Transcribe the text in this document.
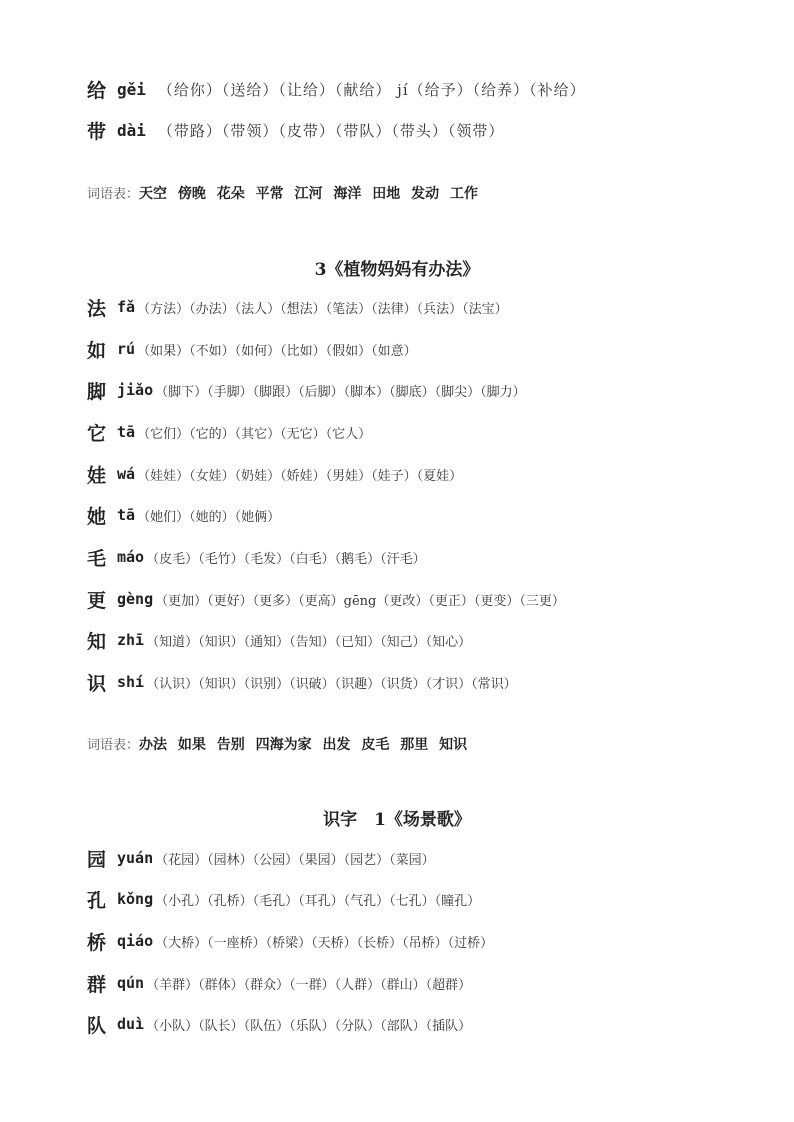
给 gěi （给你）（送给）（让给）（献给） jí（给予）（给养）（补给）
带 dài （带路）（带领）（皮带）（带队）（带头）（领带）
词语表：天空 傍晚 花朵 平常 江河 海洋 田地 发动 工作
3《植物妈妈有办法》
法 fǎ （方法）（办法）（法人）（想法）（笔法）（法律）（兵法）（法宝）
如 rú （如果）（不如）（如何）（比如）（假如）（如意）
脚 jiǎo （脚下）（手脚）（脚跟）（后脚）（脚本）（脚底）（脚尖）（脚力）
它 tā （它们）（它的）（其它）（无它）（它人）
娃 wá （娃娃）（女娃）（奶娃）（娇娃）（男娃）（娃子）（夏娃）
她 tā （她们）（她的）（她俩）
毛 máo （皮毛）（毛竹）（毛发）（白毛）（鹅毛）（汗毛）
更 gèng （更加）（更好）（更多）（更高）gēng（更改）（更正）（更变）（三更）
知 zhī （知道）（知识）（通知）（告知）（已知）（知己）（知心）
识 shí （认识）（知识）（识别）（识破）（识趣）（识货）（才识）（常识）
词语表：办法 如果 告别 四海为家 出发 皮毛 那里 知识
识字　1《场景歌》
园 yuán （花园）（园林）（公园）（果园）（园艺）（菜园）
孔 kǒng （小孔）（孔桥）（毛孔）（耳孔）（气孔）（七孔）（瞳孔）
桥 qiáo （大桥）（一座桥）（桥梁）（天桥）（长桥）（吊桥）（过桥）
群 qún （羊群）（群体）（群众）（一群）（人群）（群山）（超群）
队 duì （小队）（队长）（队伍）（乐队）（分队）（部队）（插队）
